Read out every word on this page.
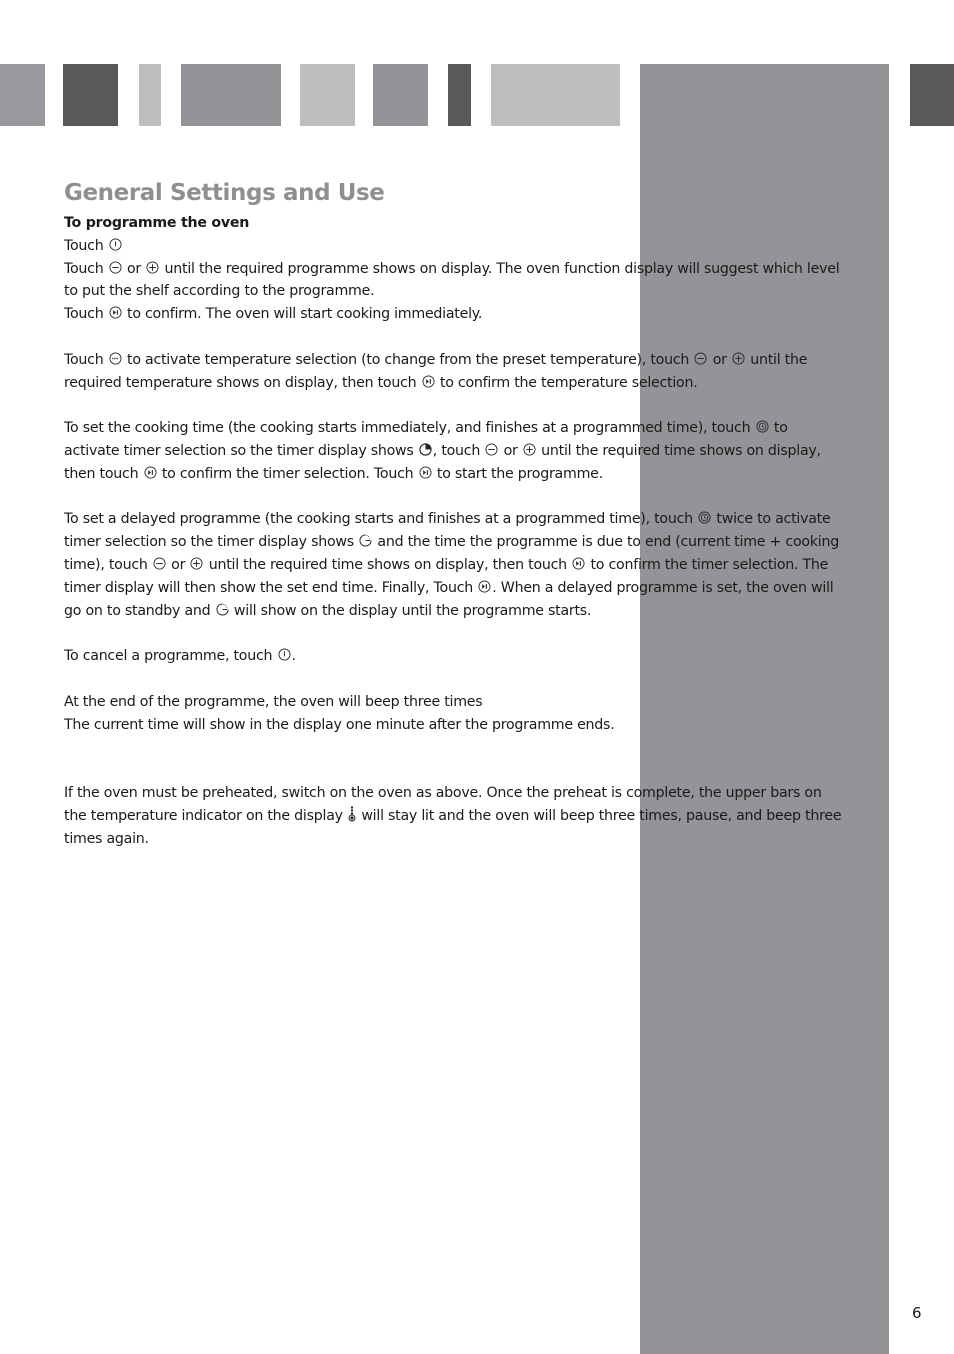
General Settings and Use

To programme the oven

Touch

Touch or until the required programme shows on display. The oven function display will suggest which level to put the shelf according to the programme.
Touch to confirm. The oven will start cooking immediately.

Touch to activate temperature selection (to change from the preset temperature), touch or until the required temperature shows on display, then touch to confirm the temperature selection.

To set the cooking time (the cooking starts immediately, and finishes at a programmed time), touch to activate timer selection so the timer display shows , touch or until the required time shows on display, then touch to confirm the timer selection. Touch to start the programme.

To set a delayed programme (the cooking starts and finishes at a programmed time), touch twice to activate timer selection so the timer display shows and the time the programme is due to end (current time + cooking time), touch or until the required time shows on display, then touch to confirm the timer selection. The timer display will then show the set end time. Finally, Touch . When a delayed programme is set, the oven will go on to standby and will show on the display until the programme starts.

To cancel a programme, touch .

At the end of the programme, the oven will beep three times

The current time will show in the display one minute after the programme ends.

If the oven must be preheated, switch on the oven as above. Once the preheat is complete, the upper bars on the temperature indicator on the display will stay lit and the oven will beep three times, pause, and beep three times again.

6
